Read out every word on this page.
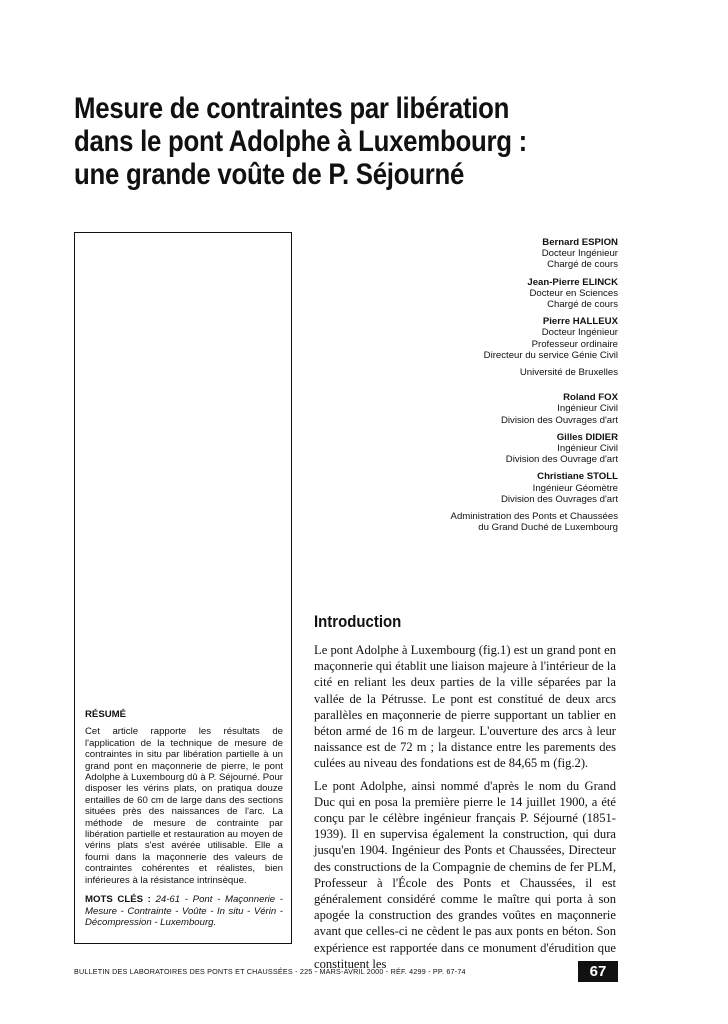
Mesure de contraintes par libération
dans le pont Adolphe à Luxembourg :
une grande voûte de P. Séjourné

RÉSUMÉ

Cet article rapporte les résultats de l'application de la technique de mesure de contraintes in situ par libération partielle à un grand pont en maçonnerie de pierre, le pont Adolphe à Luxembourg dû à P. Séjourné. Pour disposer les vérins plats, on pratiqua douze entailles de 60 cm de large dans des sections situées près des naissances de l'arc. La méthode de mesure de contrainte par libération partielle et restauration au moyen de vérins plats s'est avérée utilisable. Elle a fourni dans la maçonnerie des valeurs de contraintes cohérentes et réalistes, bien inférieures à la résistance intrinsèque.

MOTS CLÉS : 24-61 - Pont - Maçonnerie - Mesure - Contrainte - Voûte - In situ - Vérin - Décompression - Luxembourg.

Bernard ESPION
Docteur Ingénieur
Chargé de cours
Jean-Pierre ELINCK
Docteur en Sciences
Chargé de cours
Pierre HALLEUX
Docteur Ingénieur
Professeur ordinaire
Directeur du service Génie Civil
Université de Bruxelles
Roland FOX
Ingénieur Civil
Division des Ouvrages d'art
Gilles DIDIER
Ingénieur Civil
Division des Ouvrage d'art
Christiane STOLL
Ingénieur Géomètre
Division des Ouvrages d'art
Administration des Ponts et Chaussées
du Grand Duché de Luxembourg
Introduction

Le pont Adolphe à Luxembourg (fig.1) est un grand pont en maçonnerie qui établit une liaison majeure à l'intérieur de la cité en reliant les deux parties de la ville séparées par la vallée de la Pétrusse. Le pont est constitué de deux arcs parallèles en maçonnerie de pierre supportant un tablier en béton armé de 16 m de largeur. L'ouverture des arcs à leur naissance est de 72 m ; la distance entre les parements des culées au niveau des fondations est de 84,65 m (fig.2).

Le pont Adolphe, ainsi nommé d'après le nom du Grand Duc qui en posa la première pierre le 14 juillet 1900, a été conçu par le célèbre ingénieur français P. Séjourné (1851-1939). Il en supervisa également la construction, qui dura jusqu'en 1904. Ingénieur des Ponts et Chaussées, Directeur des constructions de la Compagnie de chemins de fer PLM, Professeur à l'École des Ponts et Chaussées, il est généralement considéré comme le maître qui porta à son apogée la construction des grandes voûtes en maçonnerie avant que celles-ci ne cèdent le pas aux ponts en béton. Son expérience est rapportée dans ce monument d'érudition que constituent les

BULLETIN DES LABORATOIRES DES PONTS ET CHAUSSÉES - 225 - MARS-AVRIL 2000 - RÉF. 4299 - PP. 67-74	67
